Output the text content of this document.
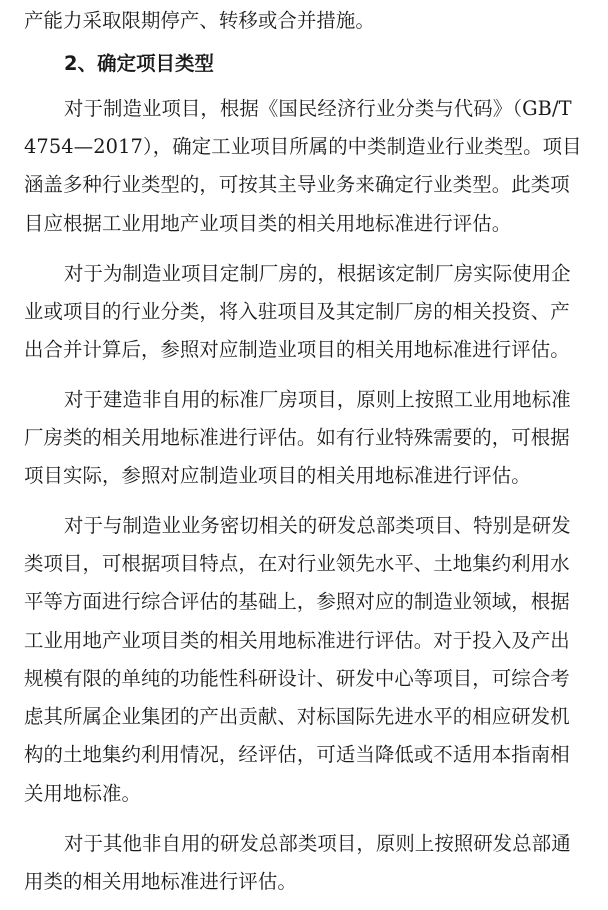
产能力采取限期停产、转移或合并措施。
2、确定项目类型
对于制造业项目，根据《国民经济行业分类与代码》（GB/T
4754—2017），确定工业项目所属的中类制造业行业类型。项目
涵盖多种行业类型的，可按其主导业务来确定行业类型。此类项
目应根据工业用地产业项目类的相关用地标准进行评估。
对于为制造业项目定制厂房的，根据该定制厂房实际使用企
业或项目的行业分类，将入驻项目及其定制厂房的相关投资、产
出合并计算后，参照对应制造业项目的相关用地标准进行评估。
对于建造非自用的标准厂房项目，原则上按照工业用地标准
厂房类的相关用地标准进行评估。如有行业特殊需要的，可根据
项目实际，参照对应制造业项目的相关用地标准进行评估。
对于与制造业业务密切相关的研发总部类项目、特别是研发
类项目，可根据项目特点，在对行业领先水平、土地集约利用水
平等方面进行综合评估的基础上，参照对应的制造业领域，根据
工业用地产业项目类的相关用地标准进行评估。对于投入及产出
规模有限的单纯的功能性科研设计、研发中心等项目，可综合考
虑其所属企业集团的产出贡献、对标国际先进水平的相应研发机
构的土地集约利用情况，经评估，可适当降低或不适用本指南相
关用地标准。
对于其他非自用的研发总部类项目，原则上按照研发总部通
用类的相关用地标准进行评估。
